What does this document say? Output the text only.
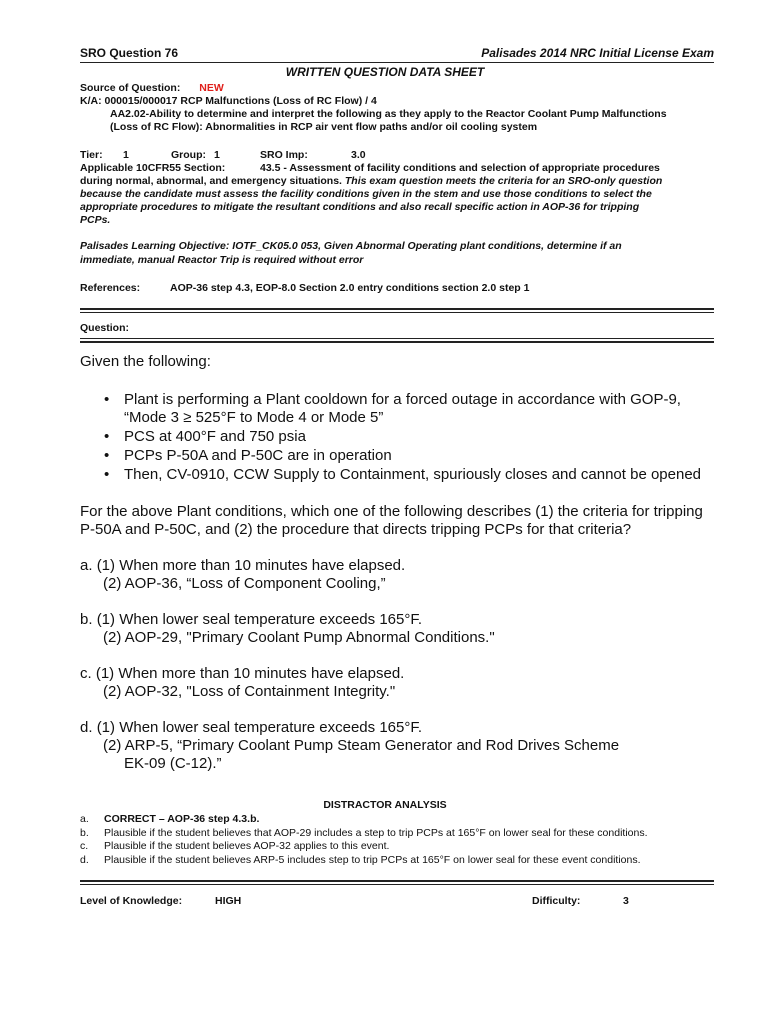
SRO Question 76	Palisades 2014 NRC Initial License Exam
WRITTEN QUESTION DATA SHEET
Source of Question: NEW
K/A: 000015/000017 RCP Malfunctions (Loss of RC Flow) / 4
AA2.02-Ability to determine and interpret the following as they apply to the Reactor Coolant Pump Malfunctions
(Loss of RC Flow): Abnormalities in RCP air vent flow paths and/or oil cooling system
Tier: 1	Group: 1	SRO Imp:	3.0
Applicable 10CFR55 Section:	43.5 - Assessment of facility conditions and selection of appropriate procedures
during normal, abnormal, and emergency situations. This exam question meets the criteria for an SRO-only question
because the candidate must assess the facility conditions given in the stem and use those conditions to select the
appropriate procedures to mitigate the resultant conditions and also recall specific action in AOP-36 for tripping
PCPs.
Palisades Learning Objective: IOTF_CK05.0 053, Given Abnormal Operating plant conditions, determine if an
immediate, manual Reactor Trip is required without error
References:	AOP-36 step 4.3, EOP-8.0 Section 2.0 entry conditions section 2.0 step 1
Question:
Given the following:
• Plant is performing a Plant cooldown for a forced outage in accordance with GOP-9,
“Mode 3 ≥ 525°F to Mode 4 or Mode 5”
• PCS at 400°F and 750 psia
• PCPs P-50A and P-50C are in operation
• Then, CV-0910, CCW Supply to Containment, spuriously closes and cannot be opened
For the above Plant conditions, which one of the following describes (1) the criteria for tripping
P-50A and P-50C, and (2) the procedure that directs tripping PCPs for that criteria?
a. (1) When more than 10 minutes have elapsed.
(2) AOP-36, “Loss of Component Cooling,”
b. (1) When lower seal temperature exceeds 165°F.
(2) AOP-29, "Primary Coolant Pump Abnormal Conditions."
c. (1) When more than 10 minutes have elapsed.
(2) AOP-32, "Loss of Containment Integrity."
d. (1) When lower seal temperature exceeds 165°F.
(2) ARP-5, “Primary Coolant Pump Steam Generator and Rod Drives Scheme
EK-09 (C-12).”
DISTRACTOR ANALYSIS
a. CORRECT – AOP-36 step 4.3.b.
b. Plausible if the student believes that AOP-29 includes a step to trip PCPs at 165°F on lower seal for these conditions.
c. Plausible if the student believes AOP-32 applies to this event.
d. Plausible if the student believes ARP-5 includes step to trip PCPs at 165°F on lower seal for these event conditions.
Level of Knowledge:	HIGH	Difficulty:	3
